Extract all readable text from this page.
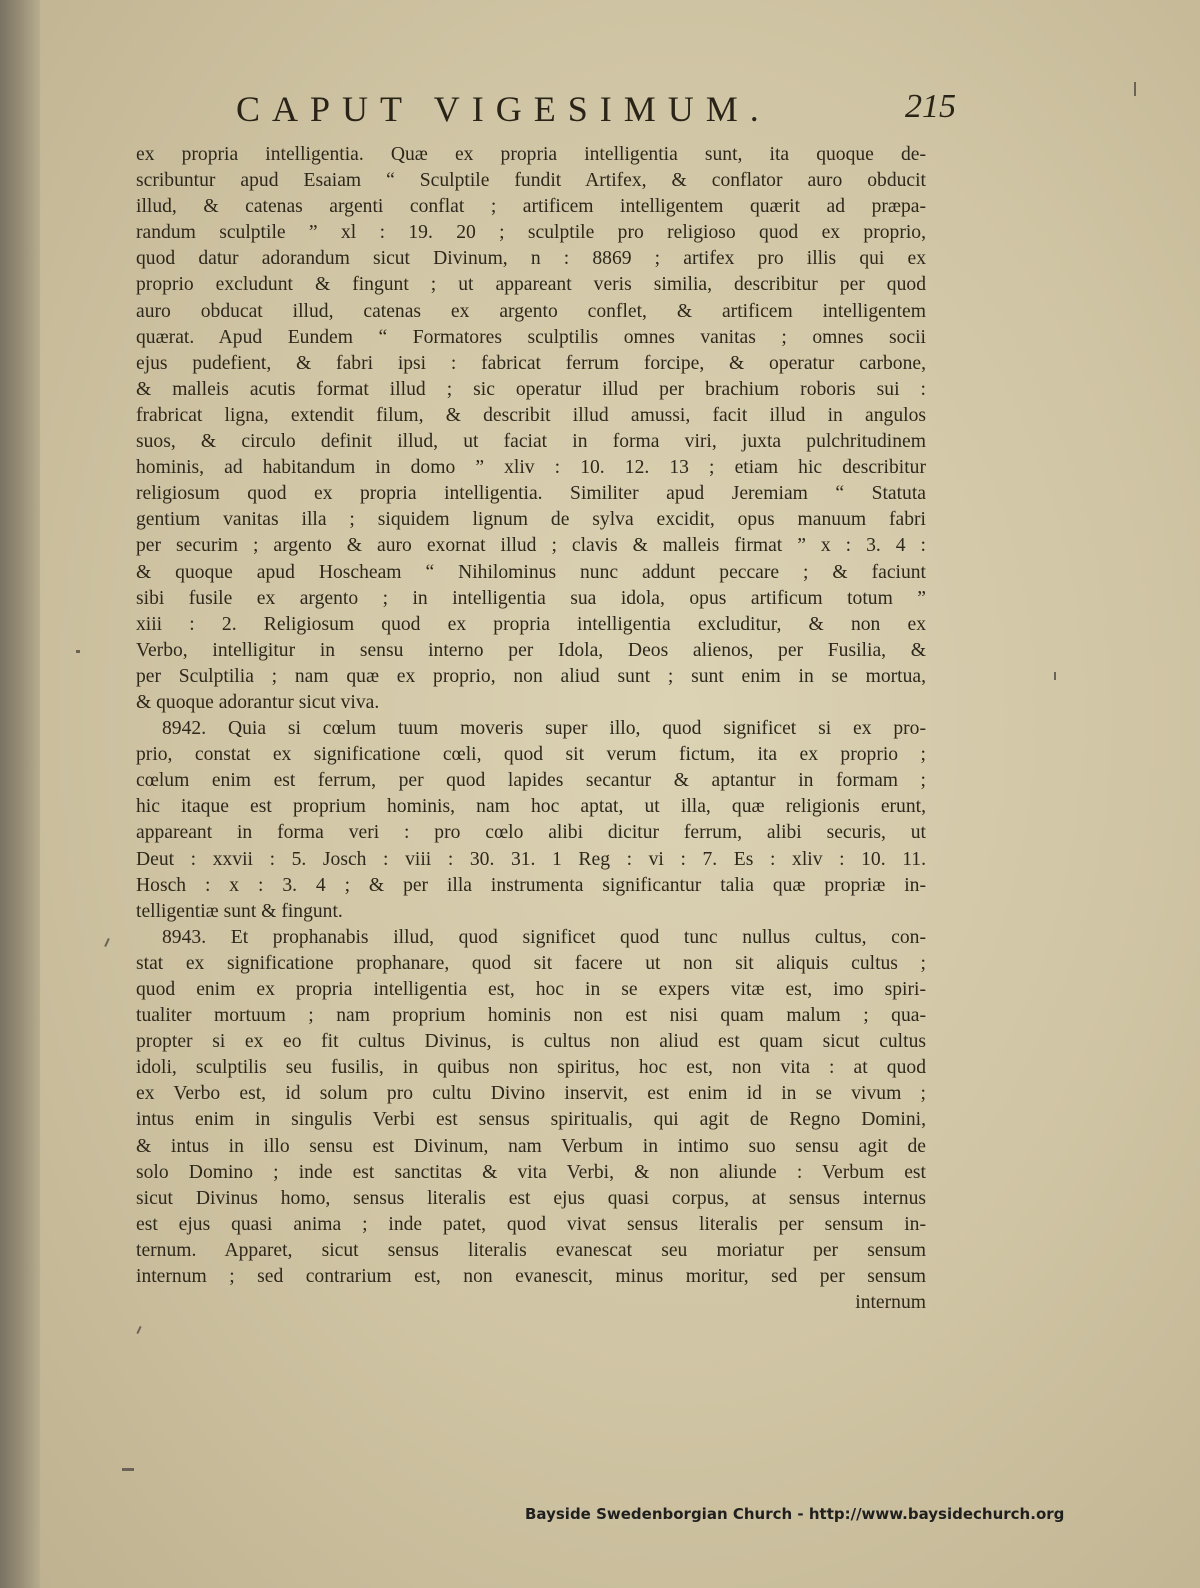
CAPUT VIGESIMUM.	215
ex propria intelligentia. Quæ ex propria intelligentia sunt, ita quoque de-
scribuntur apud Esaiam “ Sculptile fundit Artifex, & conflator auro obducit
illud, & catenas argenti conflat ; artificem intelligentem quærit ad præpa-
randum sculptile ” xl : 19. 20 ; sculptile pro religioso quod ex proprio,
quod datur adorandum sicut Divinum, n : 8869 ; artifex pro illis qui ex
proprio excludunt & fingunt ; ut appareant veris similia, describitur per quod
auro obducat illud, catenas ex argento conflet, & artificem intelligentem
quærat. Apud Eundem “ Formatores sculptilis omnes vanitas ; omnes socii
ejus pudefient, & fabri ipsi : fabricat ferrum forcipe, & operatur carbone,
& malleis acutis format illud ; sic operatur illud per brachium roboris sui :
frabricat ligna, extendit filum, & describit illud amussi, facit illud in angulos
suos, & circulo definit illud, ut faciat in forma viri, juxta pulchritudinem
hominis, ad habitandum in domo ” xliv : 10. 12. 13 ; etiam hic describitur
religiosum quod ex propria intelligentia. Similiter apud Jeremiam “ Statuta
gentium vanitas illa ; siquidem lignum de sylva excidit, opus manuum fabri
per securim ; argento & auro exornat illud ; clavis & malleis firmat ” x : 3. 4 :
& quoque apud Hoscheam “ Nihilominus nunc addunt peccare ; & faciunt
sibi fusile ex argento ; in intelligentia sua idola, opus artificum totum ”
xiii : 2. Religiosum quod ex propria intelligentia excluditur, & non ex
Verbo, intelligitur in sensu interno per Idola, Deos alienos, per Fusilia, &
per Sculptilia ; nam quæ ex proprio, non aliud sunt ; sunt enim in se mortua,
& quoque adorantur sicut viva.
8942. Quia si cœlum tuum moveris super illo, quod significet si ex pro-
prio, constat ex significatione cœli, quod sit verum fictum, ita ex proprio ;
cœlum enim est ferrum, per quod lapides secantur & aptantur in formam ;
hic itaque est proprium hominis, nam hoc aptat, ut illa, quæ religionis erunt,
appareant in forma veri : pro cœlo alibi dicitur ferrum, alibi securis, ut
Deut : xxvii : 5. Josch : viii : 30. 31. 1 Reg : vi : 7. Es : xliv : 10. 11.
Hosch : x : 3. 4 ; & per illa instrumenta significantur talia quæ propriæ in-
telligentiæ sunt & fingunt.
8943. Et prophanabis illud, quod significet quod tunc nullus cultus, con-
stat ex significatione prophanare, quod sit facere ut non sit aliquis cultus ;
quod enim ex propria intelligentia est, hoc in se expers vitæ est, imo spiri-
tualiter mortuum ; nam proprium hominis non est nisi quam malum ; qua-
propter si ex eo fit cultus Divinus, is cultus non aliud est quam sicut cultus
idoli, sculptilis seu fusilis, in quibus non spiritus, hoc est, non vita : at quod
ex Verbo est, id solum pro cultu Divino inservit, est enim id in se vivum ;
intus enim in singulis Verbi est sensus spiritualis, qui agit de Regno Domini,
& intus in illo sensu est Divinum, nam Verbum in intimo suo sensu agit de
solo Domino ; inde est sanctitas & vita Verbi, & non aliunde : Verbum est
sicut Divinus homo, sensus literalis est ejus quasi corpus, at sensus internus
est ejus quasi anima ; inde patet, quod vivat sensus literalis per sensum in-
ternum. Apparet, sicut sensus literalis evanescat seu moriatur per sensum
internum ; sed contrarium est, non evanescit, minus moritur, sed per sensum
internum
Bayside Swedenborgian Church - http://www.baysidechurch.org
